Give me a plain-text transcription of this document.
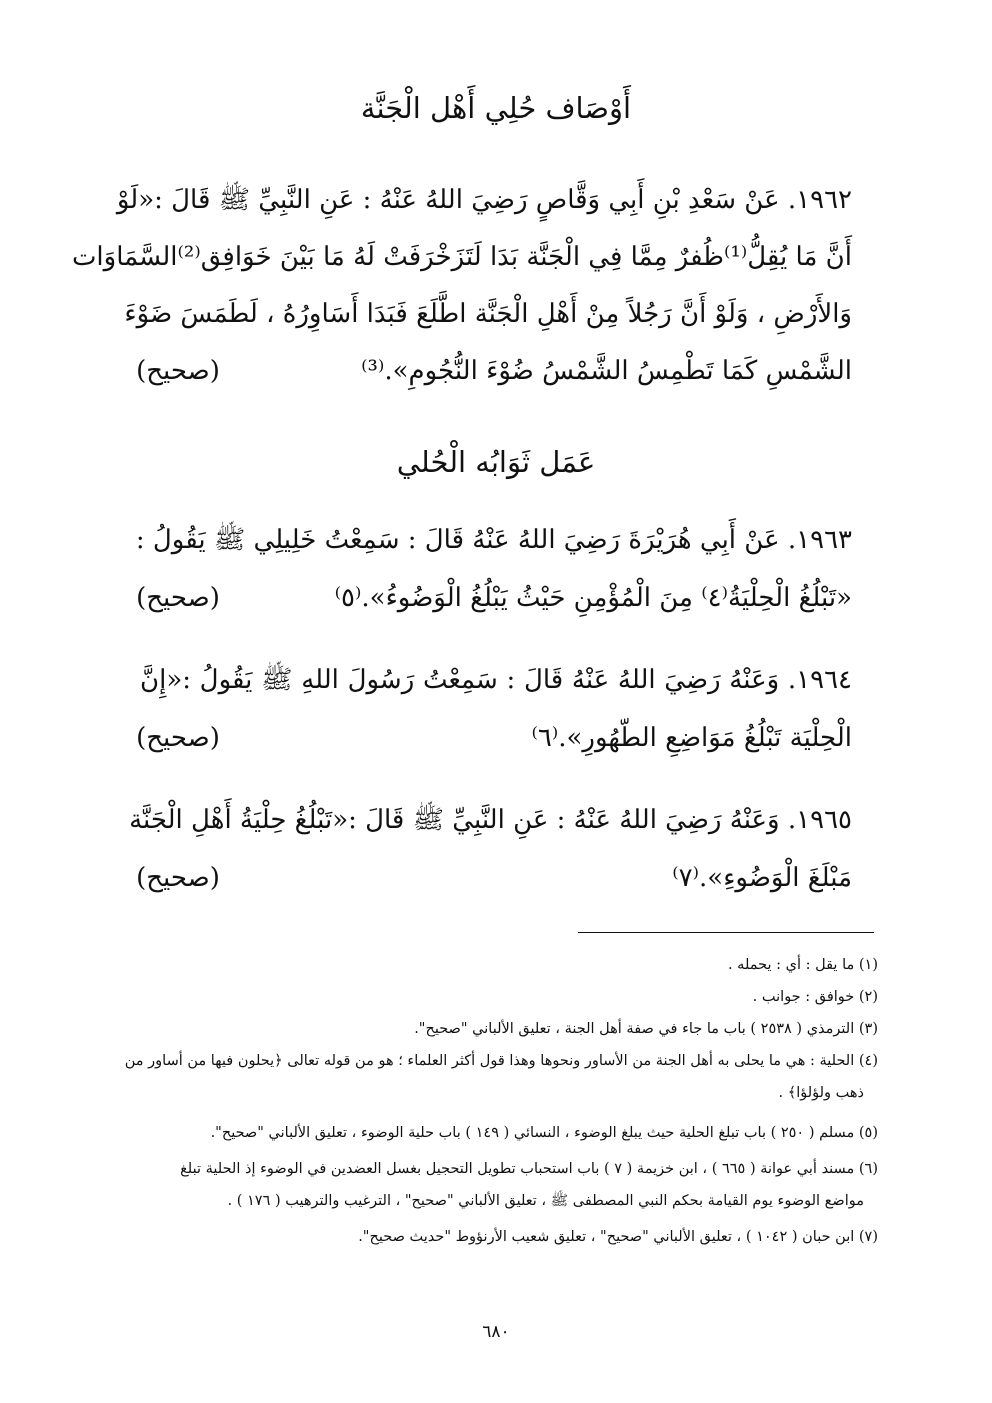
أَوْصَاف حُلِي أَهْل الْجَنَّة
١٩٦٢. عَنْ سَعْدِ بْنِ أَبِي وَقَّاصٍ رَضِيَ اللهُ عَنْهُ : عَنِ النَّبِيِّ ﷺ قَالَ :«لَوْ
أَنَّ مَا يُقِلُّ⁽¹⁾ظُفرٌ مِمَّا فِي الْجَنَّة بَدَا لَتَزَخْرَفَتْ لَهُ مَا بَيْنَ خَوَافِق⁽²⁾السَّمَاوَات
وَالأَرْضِ ، وَلَوْ أَنَّ رَجُلاً مِنْ أَهْلِ الْجَنَّة اطَّلَعَ فَبَدَا أَسَاوِرُهُ ، لَطَمَسَ ضَوْءَ
الشَّمْسِ كَمَا تَطْمِسُ الشَّمْسُ ضُوْءَ النُّجُومِ».⁽³⁾
(صحيح)
عَمَل ثَوَابُه الْحُلي
١٩٦٣. عَنْ أَبِي هُرَيْرَةَ رَضِيَ اللهُ عَنْهُ قَالَ : سَمِعْتُ خَلِيلِي ﷺ يَقُولُ :
«تَبْلُغُ الْحِلْيَةُ⁽٤⁾ مِنَ الْمُؤْمِنِ حَيْثُ يَبْلُغُ الْوَضُوءُ».⁽٥⁾
(صحيح)
١٩٦٤. وَعَنْهُ رَضِيَ اللهُ عَنْهُ قَالَ : سَمِعْتُ رَسُولَ اللهِ ﷺ يَقُولُ :«إِنَّ
الْحِلْيَة تَبْلُغُ مَوَاضِعِ الطّهُورِ».⁽٦⁾
(صحيح)
١٩٦٥. وَعَنْهُ رَضِيَ اللهُ عَنْهُ : عَنِ النَّبِيِّ ﷺ قَالَ :«تَبْلُغُ حِلْيَةُ أَهْلِ الْجَنَّة
مَبْلَغَ الْوَضُوءِ».⁽٧⁾
(صحيح)
(١) ما يقل : أي : يحمله .
(٢) خوافق : جوانب .
(٣) الترمذي ( ٢٥٣٨ ) باب ما جاء في صفة أهل الجنة ، تعليق الألباني "صحيح".
(٤) الحلية : هي ما يحلى به أهل الجنة من الأساور ونحوها وهذا قول أكثر العلماء ؛ هو من قوله تعالى ﴿يحلون فيها من أساور من
ذهب ولؤلؤا﴾ .
(٥) مسلم ( ٢٥٠ ) باب تبلغ الحلية حيث يبلغ الوضوء ، النسائي ( ١٤٩ ) باب حلية الوضوء ، تعليق الألباني "صحيح".
(٦) مسند أبي عوانة ( ٦٦٥ ) ، ابن خزيمة ( ٧ ) باب استحباب تطويل التحجيل بغسل العضدين في الوضوء إذ الحلية تبلغ
مواضع الوضوء يوم القيامة بحكم النبي المصطفى ﷺ ، تعليق الألباني "صحيح" ، الترغيب والترهيب ( ١٧٦ ) .
(٧) ابن حبان ( ١٠٤٢ ) ، تعليق الألباني "صحيح" ، تعليق شعيب الأرنؤوط "حديث صحيح".
٦٨٠
